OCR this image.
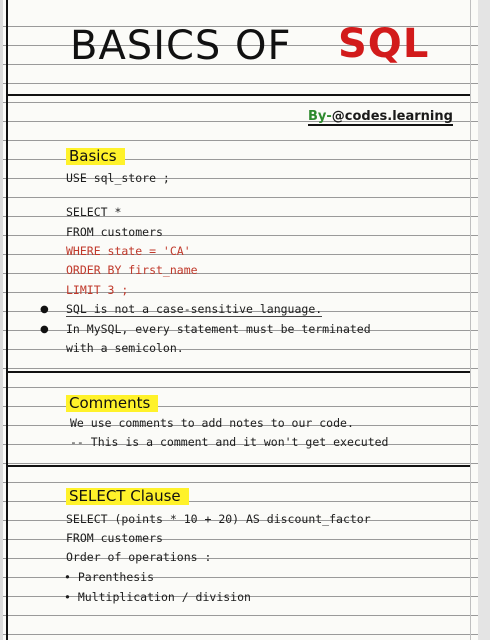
BASICS OF SQL
By-@codes.learning
Basics
USE sql_store ;
SELECT *
FROM customers
WHERE state = 'CA'
ORDER BY first_name
LIMIT 3 ;
● SQL is not a case-sensitive language.
● In MySQL, every statement must be terminated
with a semicolon.
Comments
We use comments to add notes to our code.
-- This is a comment and it won't get executed
SELECT Clause
SELECT (points * 10 + 20) AS discount_factor
FROM customers
Order of operations :
• Parenthesis
• Multiplication / division
